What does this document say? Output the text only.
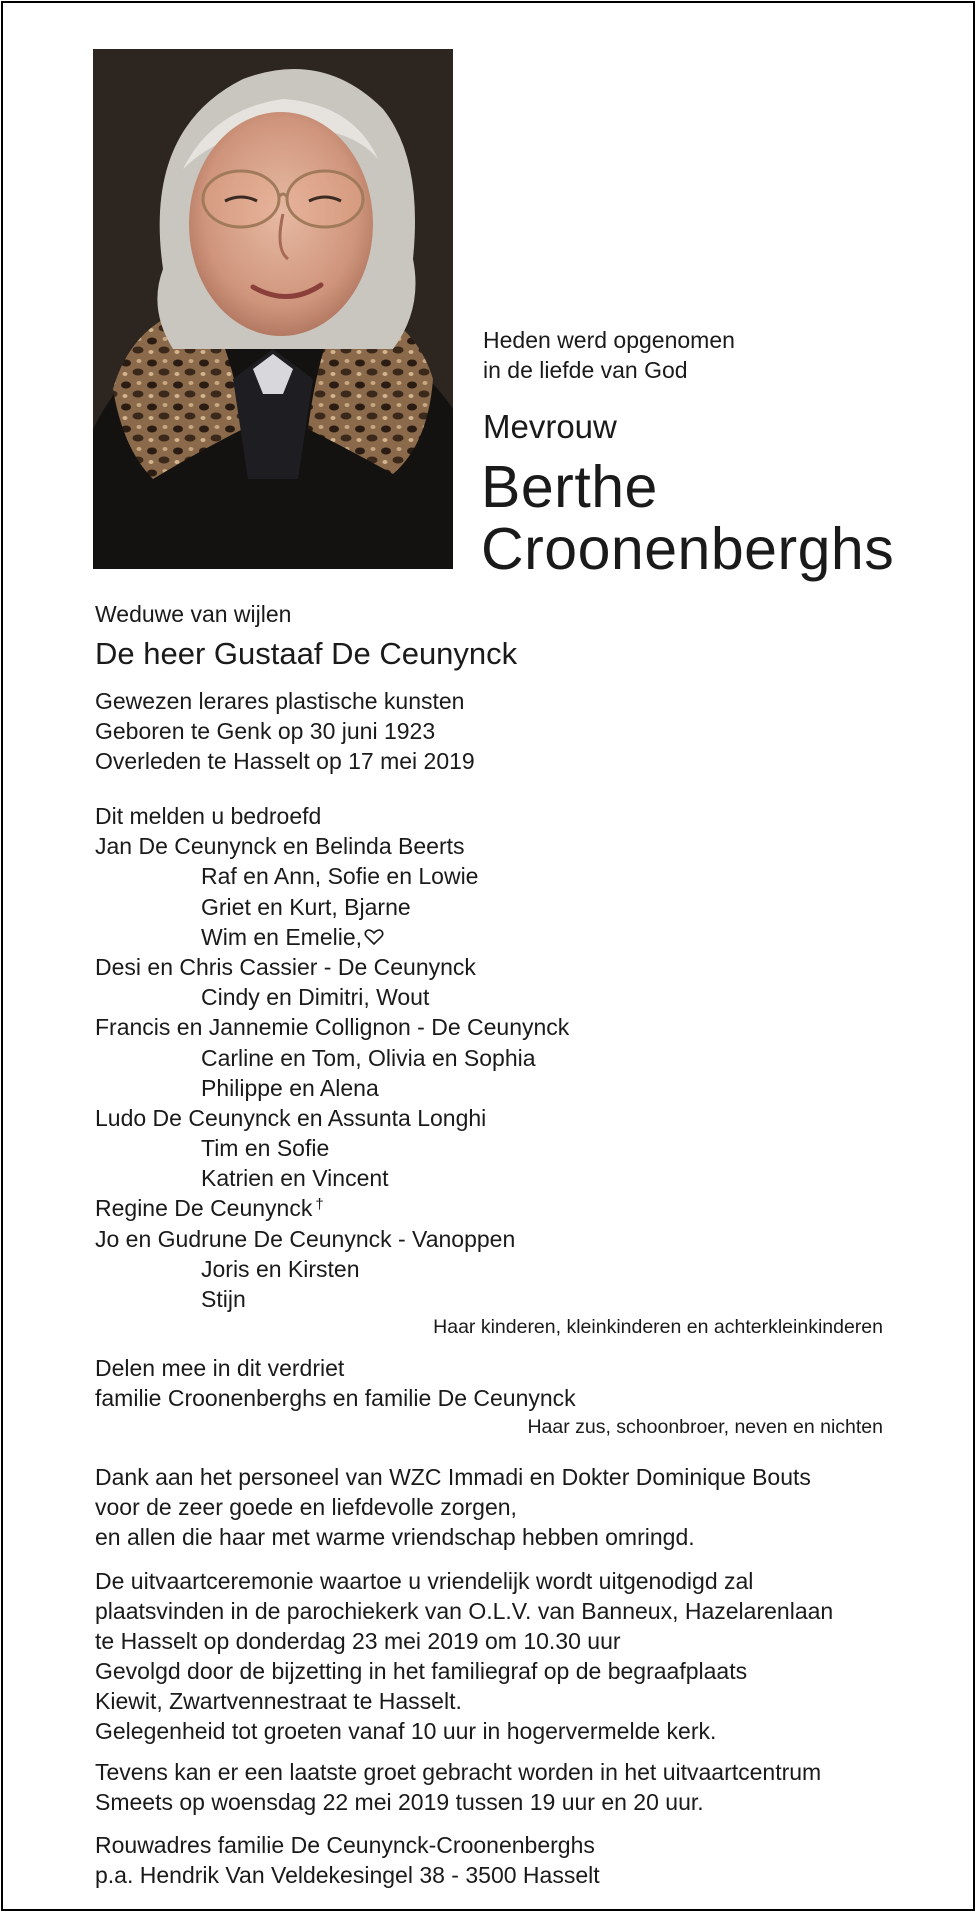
Heden werd opgenomen
in de liefde van God
Mevrouw
Berthe
Croonenberghs
Weduwe van wijlen
De heer Gustaaf De Ceunynck
Gewezen lerares plastische kunsten
Geboren te Genk op 30 juni 1923
Overleden te Hasselt op 17 mei 2019
Dit melden u bedroefd
Jan De Ceunynck en Belinda Beerts
Raf en Ann, Sofie en Lowie
Griet en Kurt, Bjarne
Wim en Emelie,
Desi en Chris Cassier - De Ceunynck
Cindy en Dimitri, Wout
Francis en Jannemie Collignon - De Ceunynck
Carline en Tom, Olivia en Sophia
Philippe en Alena
Ludo De Ceunynck en Assunta Longhi
Tim en Sofie
Katrien en Vincent
Regine De Ceunynck †
Jo en Gudrune De Ceunynck - Vanoppen
Joris en Kirsten
Stijn
Haar kinderen, kleinkinderen en achterkleinkinderen
Delen mee in dit verdriet
familie Croonenberghs en familie De Ceunynck
Haar zus, schoonbroer, neven en nichten
Dank aan het personeel van WZC Immadi en Dokter Dominique Bouts
voor de zeer goede en liefdevolle zorgen,
en allen die haar met warme vriendschap hebben omringd.
De uitvaartceremonie waartoe u vriendelijk wordt uitgenodigd zal
plaatsvinden in de parochiekerk van O.L.V. van Banneux, Hazelarenlaan
te Hasselt op donderdag 23 mei 2019 om 10.30 uur
Gevolgd door de bijzetting in het familiegraf op de begraafplaats
Kiewit, Zwartvennestraat te Hasselt.
Gelegenheid tot groeten vanaf 10 uur in hogervermelde kerk.
Tevens kan er een laatste groet gebracht worden in het uitvaartcentrum
Smeets op woensdag 22 mei 2019 tussen 19 uur en 20 uur.
Rouwadres familie De Ceunynck-Croonenberghs
p.a. Hendrik Van Veldekesingel 38 - 3500 Hasselt
